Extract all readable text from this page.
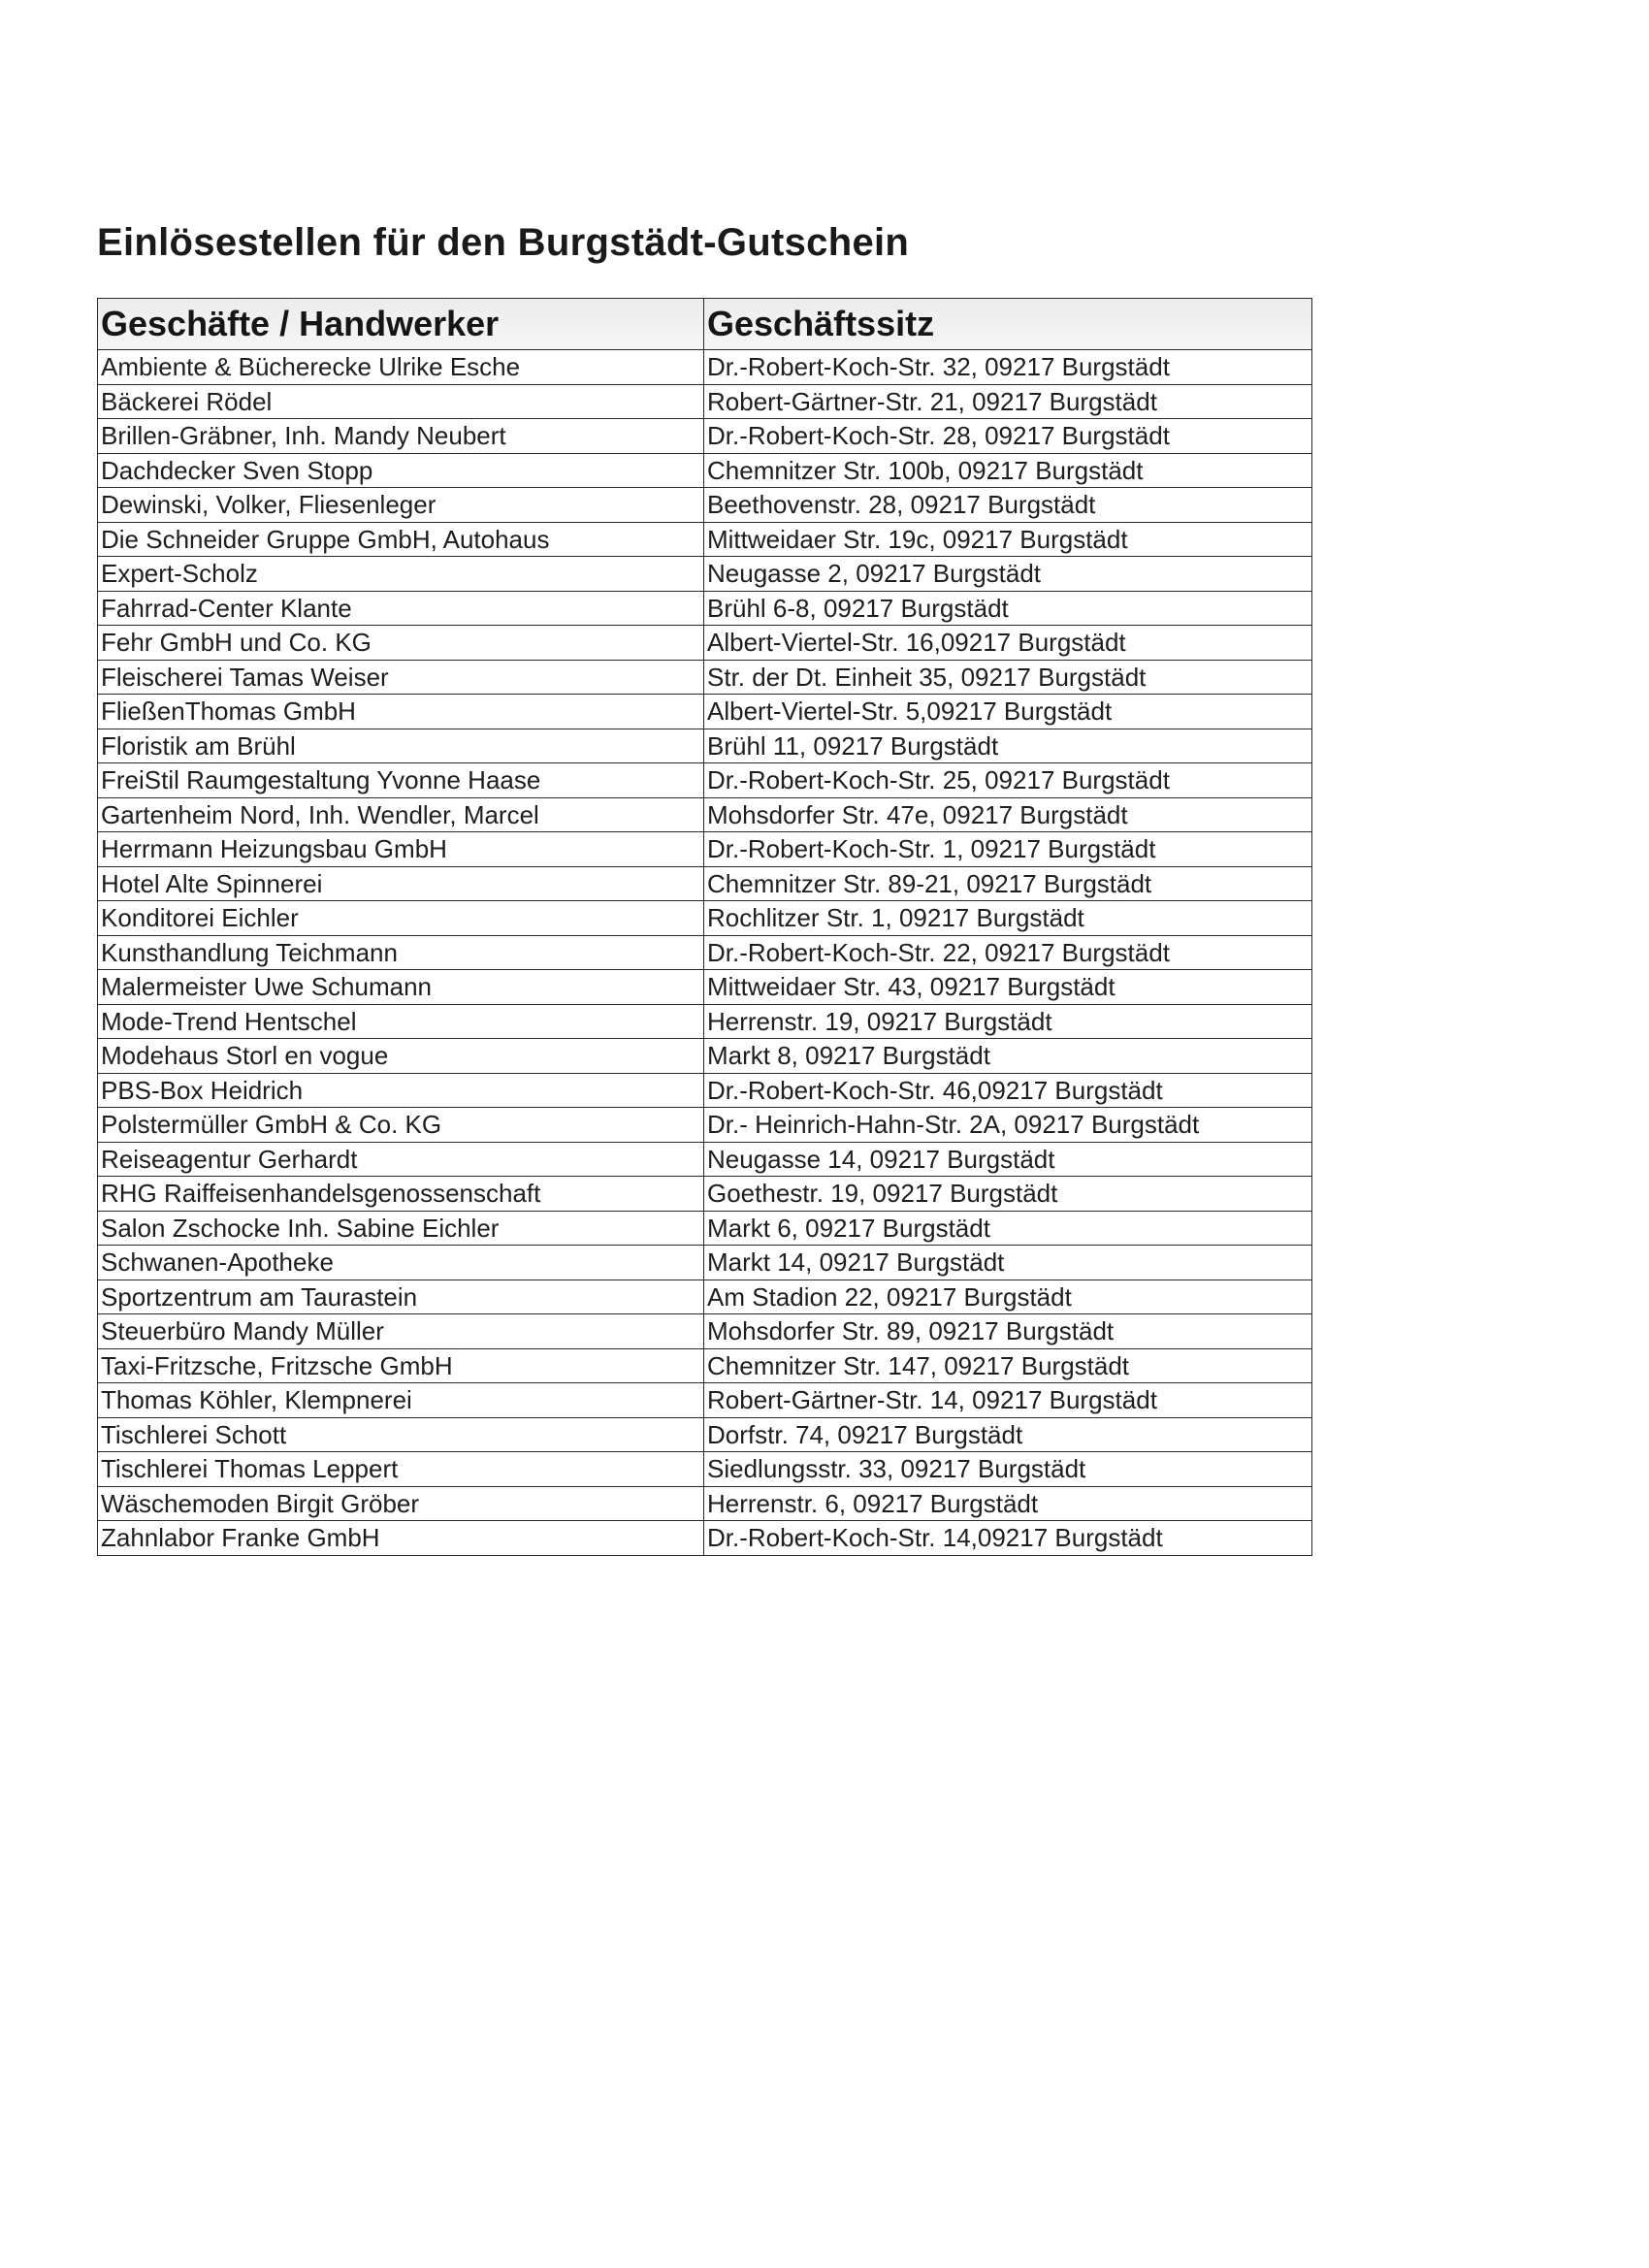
Einlösestellen für den Burgstädt-Gutschein
Geschäfte / Handwerker	Geschäftssitz
Ambiente & Bücherecke Ulrike Esche	Dr.-Robert-Koch-Str. 32, 09217 Burgstädt
Bäckerei Rödel	Robert-Gärtner-Str. 21, 09217 Burgstädt
Brillen-Gräbner, Inh. Mandy Neubert	Dr.-Robert-Koch-Str. 28, 09217 Burgstädt
Dachdecker Sven Stopp	Chemnitzer Str. 100b, 09217 Burgstädt
Dewinski, Volker, Fliesenleger	Beethovenstr. 28, 09217 Burgstädt
Die Schneider Gruppe GmbH, Autohaus	Mittweidaer Str. 19c, 09217 Burgstädt
Expert-Scholz	Neugasse 2, 09217 Burgstädt
Fahrrad-Center Klante	Brühl 6-8, 09217 Burgstädt
Fehr GmbH und Co. KG	Albert-Viertel-Str. 16,09217 Burgstädt
Fleischerei Tamas Weiser	Str. der Dt. Einheit 35, 09217 Burgstädt
FließenThomas GmbH	Albert-Viertel-Str. 5,09217 Burgstädt
Floristik am Brühl	Brühl 11, 09217 Burgstädt
FreiStil Raumgestaltung Yvonne Haase	Dr.-Robert-Koch-Str. 25, 09217 Burgstädt
Gartenheim Nord, Inh. Wendler, Marcel	Mohsdorfer Str. 47e, 09217 Burgstädt
Herrmann Heizungsbau GmbH	Dr.-Robert-Koch-Str. 1, 09217 Burgstädt
Hotel Alte Spinnerei	Chemnitzer Str. 89-21, 09217 Burgstädt
Konditorei Eichler	Rochlitzer Str. 1, 09217 Burgstädt
Kunsthandlung Teichmann	Dr.-Robert-Koch-Str. 22, 09217 Burgstädt
Malermeister Uwe Schumann	Mittweidaer Str. 43, 09217 Burgstädt
Mode-Trend Hentschel	Herrenstr. 19, 09217 Burgstädt
Modehaus Storl en vogue	Markt 8, 09217 Burgstädt
PBS-Box Heidrich	Dr.-Robert-Koch-Str. 46,09217 Burgstädt
Polstermüller GmbH & Co. KG	Dr.- Heinrich-Hahn-Str. 2A, 09217 Burgstädt
Reiseagentur Gerhardt	Neugasse 14, 09217 Burgstädt
RHG Raiffeisenhandelsgenossenschaft	Goethestr. 19, 09217 Burgstädt
Salon Zschocke Inh. Sabine Eichler	Markt 6, 09217 Burgstädt
Schwanen-Apotheke	Markt 14, 09217 Burgstädt
Sportzentrum am Taurastein	Am Stadion 22, 09217 Burgstädt
Steuerbüro Mandy Müller	Mohsdorfer Str. 89, 09217 Burgstädt
Taxi-Fritzsche, Fritzsche GmbH	Chemnitzer Str. 147, 09217 Burgstädt
Thomas Köhler, Klempnerei	Robert-Gärtner-Str. 14, 09217 Burgstädt
Tischlerei Schott	Dorfstr. 74, 09217 Burgstädt
Tischlerei Thomas Leppert	Siedlungsstr. 33, 09217 Burgstädt
Wäschemoden Birgit Gröber	Herrenstr. 6, 09217 Burgstädt
Zahnlabor Franke GmbH	Dr.-Robert-Koch-Str. 14,09217 Burgstädt
